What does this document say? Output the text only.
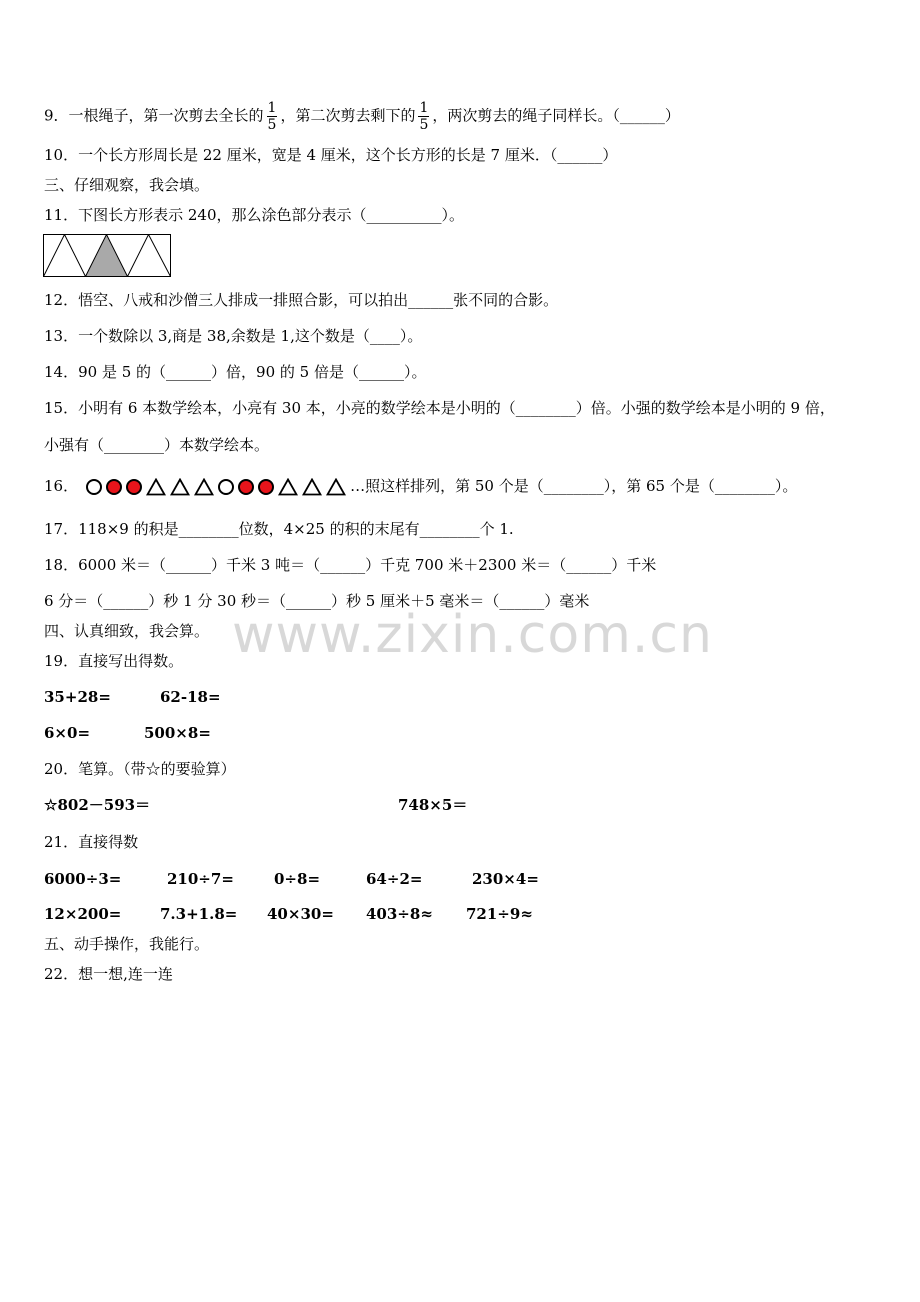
9．一根绳子，第一次剪去全长的 $\frac{1}{5}$ ，第二次剪去剩下的 $\frac{1}{5}$ ，两次剪去的绳子同样长。（______）
10．一个长方形周长是 22 厘米，宽是 4 厘米，这个长方形的长是 7 厘米．（______）
三、仔细观察，我会填。
11．下图长方形表示 240，那么涂色部分表示（__________）。
12．悟空、八戒和沙僧三人排成一排照合影，可以拍出______张不同的合影。
13．一个数除以 3,商是 38,余数是 1,这个数是（____）。
14．90 是 5 的（______）倍，90 的 5 倍是（______）。
15．小明有 6 本数学绘本，小亮有 30 本，小亮的数学绘本是小明的（________）倍。小强的数学绘本是小明的 9 倍，
小强有（________）本数学绘本。
16．	…照这样排列，第 50 个是（________），第 65 个是（________）。
17．118×9 的积是________位数，4×25 的积的末尾有________个 1.
18．6000 米＝（______）千米 3 吨＝（______）千克 700 米＋2300 米＝（______）千米
6 分＝（______）秒 1 分 30 秒＝（______）秒 5 厘米＋5 毫米＝（______）毫米
四、认真细致，我会算。
19．直接写出得数。
35+28=	62-18=
6×0=	500×8=
20．笔算。（带☆的要验算）
☆802－593＝	748×5＝
21．直接得数
6000÷3=	210÷7=	0÷8=	64÷2=	230×4=
12×200=	7.3+1.8= 40×30= 403÷8≈ 721÷9≈
五、动手操作，我能行。
22．想一想,连一连
www.zixin.com.cn
